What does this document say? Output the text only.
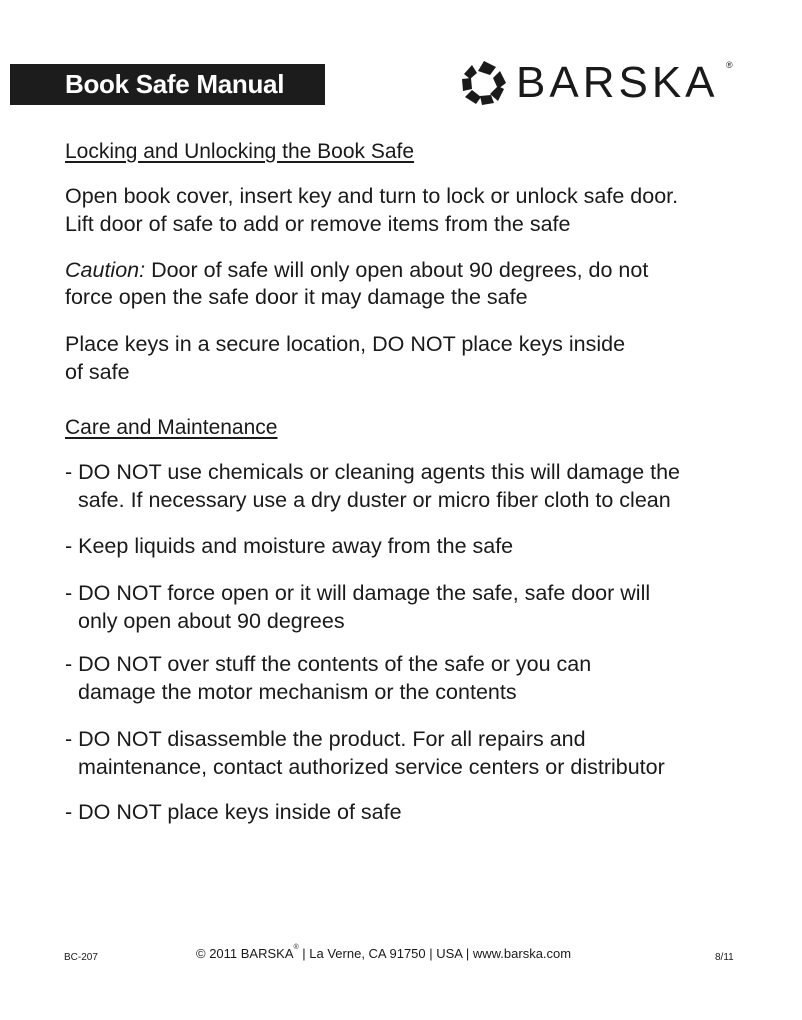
Book Safe Manual	BARSKA ®
Locking and Unlocking the Book Safe
Open book cover, insert key and turn to lock or unlock safe door.
Lift door of safe to add or remove items from the safe
Caution: Door of safe will only open about 90 degrees, do not
force open the safe door it may damage the safe
Place keys in a secure location, DO NOT place keys inside
of safe
Care and Maintenance
- DO NOT use chemicals or cleaning agents this will damage the
safe. If necessary use a dry duster or micro fiber cloth to clean
- Keep liquids and moisture away from the safe
- DO NOT force open or it will damage the safe, safe door will
only open about 90 degrees
- DO NOT over stuff the contents of the safe or you can
damage the motor mechanism or the contents
- DO NOT disassemble the product. For all repairs and
maintenance, contact authorized service centers or distributor
- DO NOT place keys inside of safe
BC-207	© 2011 BARSKA® | La Verne, CA 91750 | USA | www.barska.com	8/11
